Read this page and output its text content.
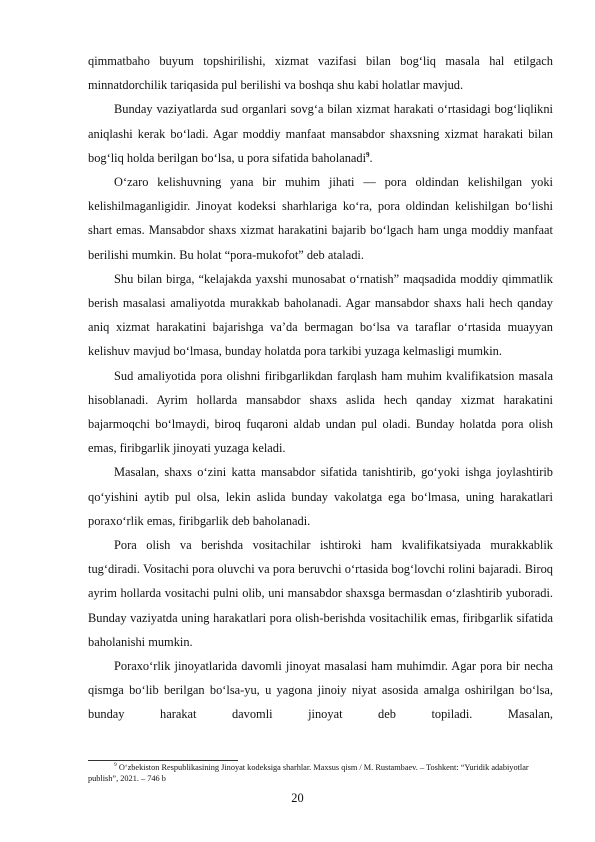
qimmatbaho buyum topshirilishi, xizmat vazifasi bilan bog‘liq masala hal etilgach minnatdorchilik tariqasida pul berilishi va boshqa shu kabi holatlar mavjud.

Bunday vaziyatlarda sud organlari sovg‘a bilan xizmat harakati o‘rtasidagi bog‘liqlikni aniqlashi kerak bo‘ladi. Agar moddiy manfaat mansabdor shaxsning xizmat harakati bilan bog‘liq holda berilgan bo‘lsa, u pora sifatida baholanadi$^9$.

O‘zaro kelishuvning yana bir muhim jihati — pora oldindan kelishilgan yoki kelishilmaganligidir. Jinoyat kodeksi sharhlariga ko‘ra, pora oldindan kelishilgan bo‘lishi shart emas. Mansabdor shaxs xizmat harakatini bajarib bo‘lgach ham unga moddiy manfaat berilishi mumkin. Bu holat “pora-mukofot” deb ataladi.

Shu bilan birga, “kelajakda yaxshi munosabat o‘rnatish” maqsadida moddiy qimmatlik berish masalasi amaliyotda murakkab baholanadi. Agar mansabdor shaxs hali hech qanday aniq xizmat harakatini bajarishga va’da bermagan bo‘lsa va taraflar o‘rtasida muayyan kelishuv mavjud bo‘lmasa, bunday holatda pora tarkibi yuzaga kelmasligi mumkin.

Sud amaliyotida pora olishni firibgarlikdan farqlash ham muhim kvalifikatsion masala hisoblanadi. Ayrim hollarda mansabdor shaxs aslida hech qanday xizmat harakatini bajarmoqchi bo‘lmaydi, biroq fuqaroni aldab undan pul oladi. Bunday holatda pora olish emas, firibgarlik jinoyati yuzaga keladi.

Masalan, shaxs o‘zini katta mansabdor sifatida tanishtirib, go‘yoki ishga joylashtirib qo‘yishini aytib pul olsa, lekin aslida bunday vakolatga ega bo‘lmasa, uning harakatlari poraxo‘rlik emas, firibgarlik deb baholanadi.

Pora olish va berishda vositachilar ishtiroki ham kvalifikatsiyada murakkablik tug‘diradi. Vositachi pora oluvchi va pora beruvchi o‘rtasida bog‘lovchi rolini bajaradi. Biroq ayrim hollarda vositachi pulni olib, uni mansabdor shaxsga bermasdan o‘zlashtirib yuboradi. Bunday vaziyatda uning harakatlari pora olish-berishda vositachilik emas, firibgarlik sifatida baholanishi mumkin.

Poraxo‘rlik jinoyatlarida davomli jinoyat masalasi ham muhimdir. Agar pora bir necha qismga bo‘lib berilgan bo‘lsa-yu, u yagona jinoiy niyat asosida amalga oshirilgan bo‘lsa, bunday harakat davomli jinoyat deb topiladi. Masalan,

$^9$ O‘zbekiston Respublikasining Jinoyat kodeksiga sharhlar. Maxsus qism / M. Rustambaev. – Toshkent: “Yuridik adabiyotlar publish”, 2021. – 746 b
20
